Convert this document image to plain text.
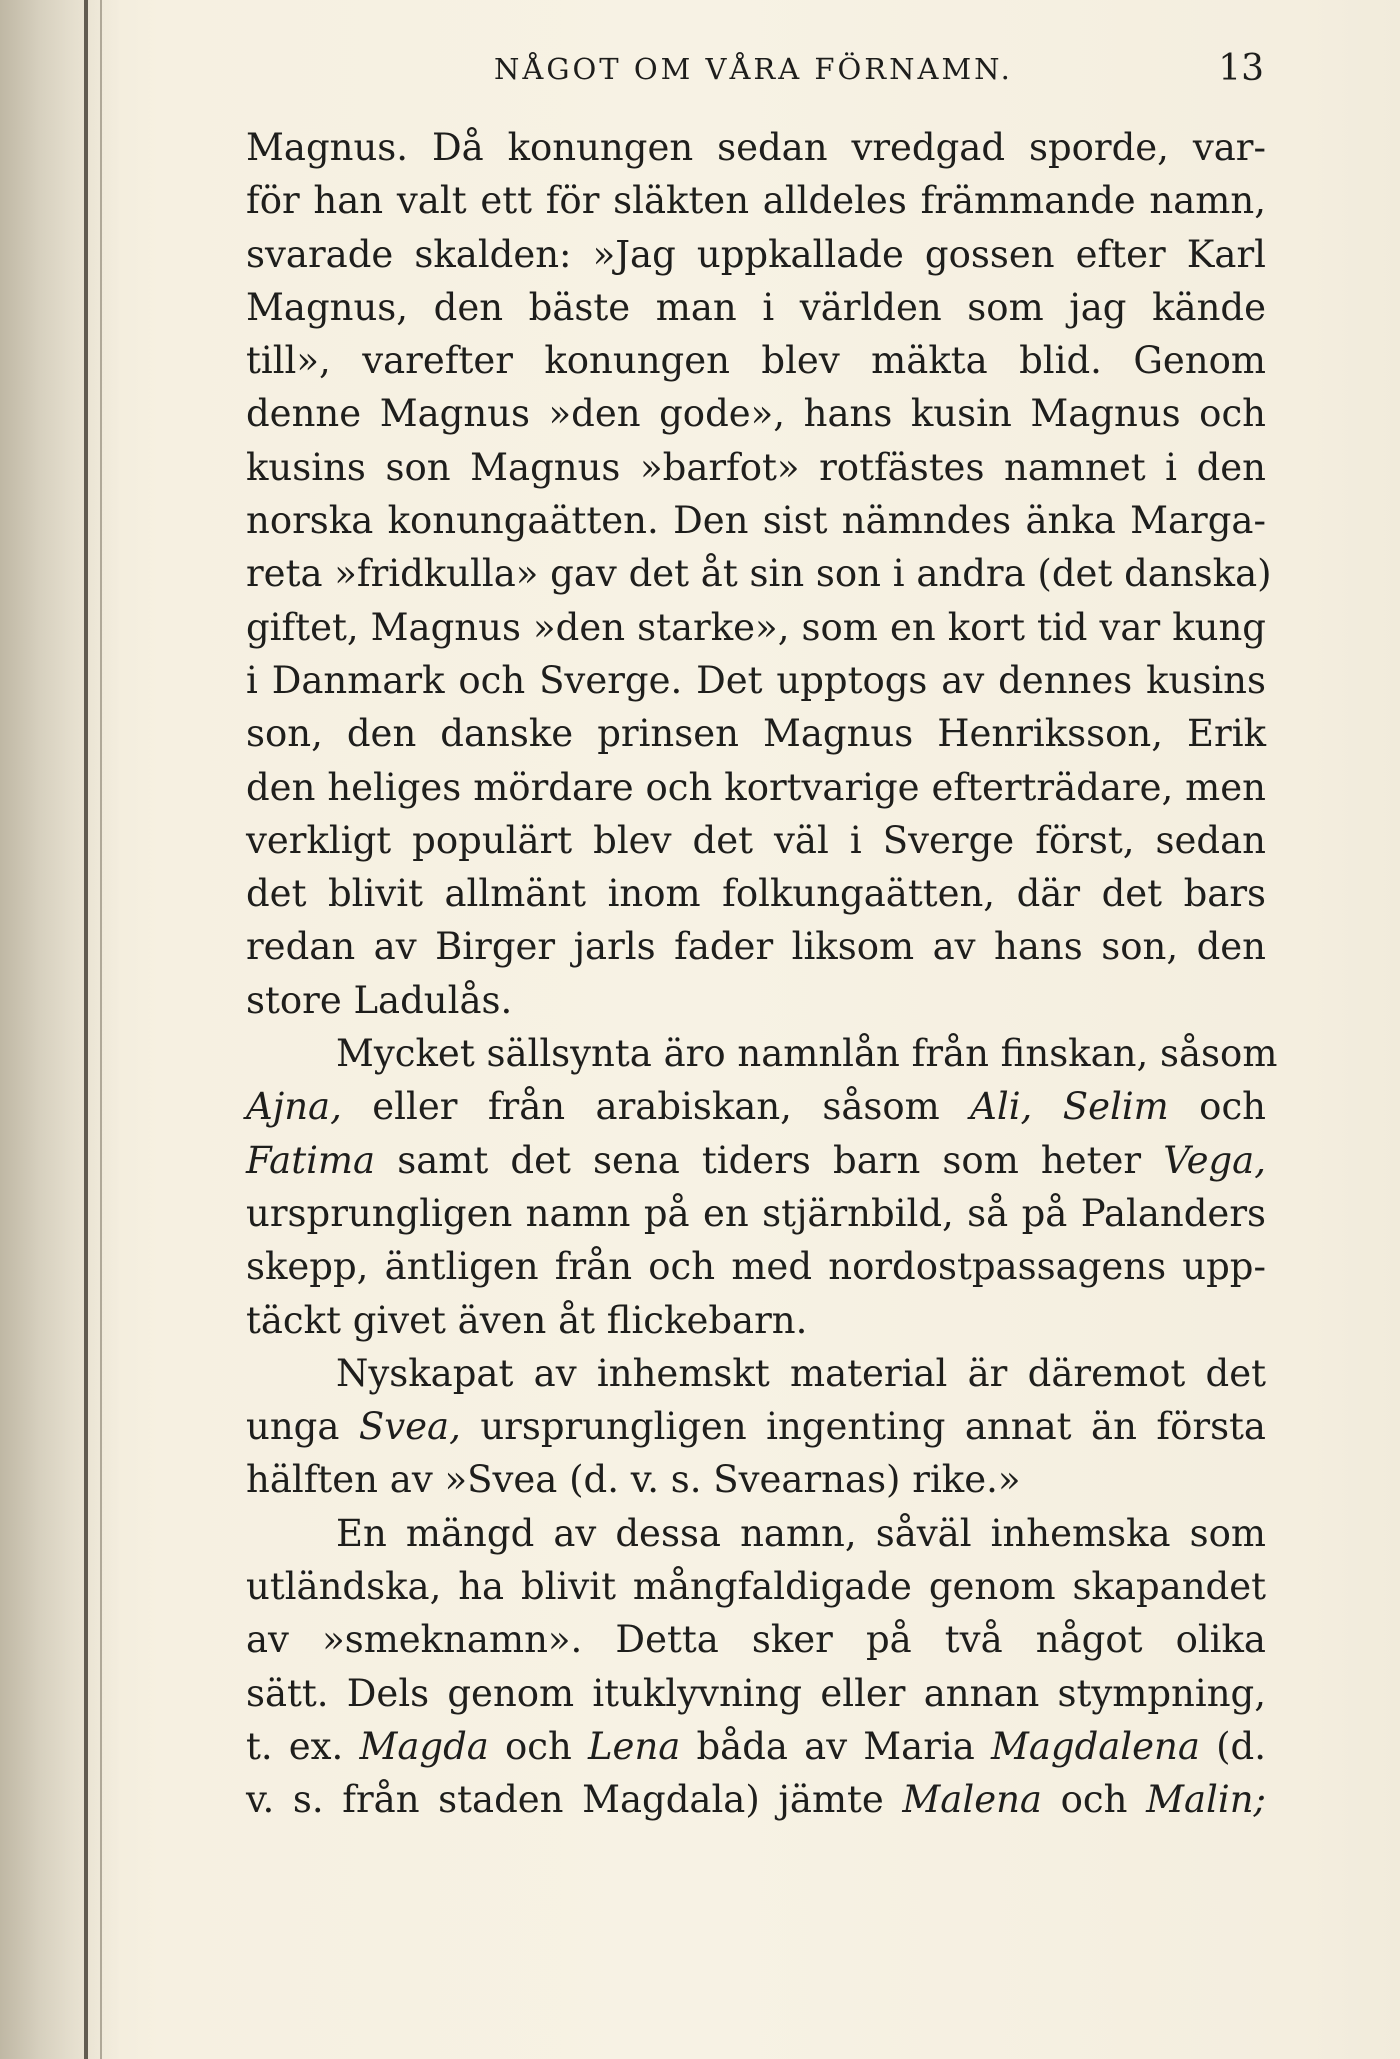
NÅGOT OM VÅRA FÖRNAMN.	13
Magnus. Då konungen sedan vredgad sporde, var-
för han valt ett för släkten alldeles främmande namn,
svarade skalden: »Jag uppkallade gossen efter Karl
Magnus, den bäste man i världen som jag kände
till», varefter konungen blev mäkta blid. Genom
denne Magnus »den gode», hans kusin Magnus och
kusins son Magnus »barfot» rotfästes namnet i den
norska konungaätten. Den sist nämndes änka Marga-
reta »fridkulla» gav det åt sin son i andra (det danska)
giftet, Magnus »den starke», som en kort tid var kung
i Danmark och Sverge. Det upptogs av dennes kusins
son, den danske prinsen Magnus Henriksson, Erik
den heliges mördare och kortvarige efterträdare, men
verkligt populärt blev det väl i Sverge först, sedan
det blivit allmänt inom folkungaätten, där det bars
redan av Birger jarls fader liksom av hans son, den
store Ladulås.
Mycket sällsynta äro namnlån från finskan, såsom
Ajna, eller från arabiskan, såsom Ali, Selim och
Fatima samt det sena tiders barn som heter Vega,
ursprungligen namn på en stjärnbild, så på Palanders
skepp, äntligen från och med nordostpassagens upp-
täckt givet även åt flickebarn.
Nyskapat av inhemskt material är däremot det
unga Svea, ursprungligen ingenting annat än första
hälften av »Svea (d. v. s. Svearnas) rike.»
En mängd av dessa namn, såväl inhemska som
utländska, ha blivit mångfaldigade genom skapandet
av »smeknamn». Detta sker på två något olika
sätt. Dels genom ituklyvning eller annan stympning,
t. ex. Magda och Lena båda av Maria Magdalena (d.
v. s. från staden Magdala) jämte Malena och Malin;
